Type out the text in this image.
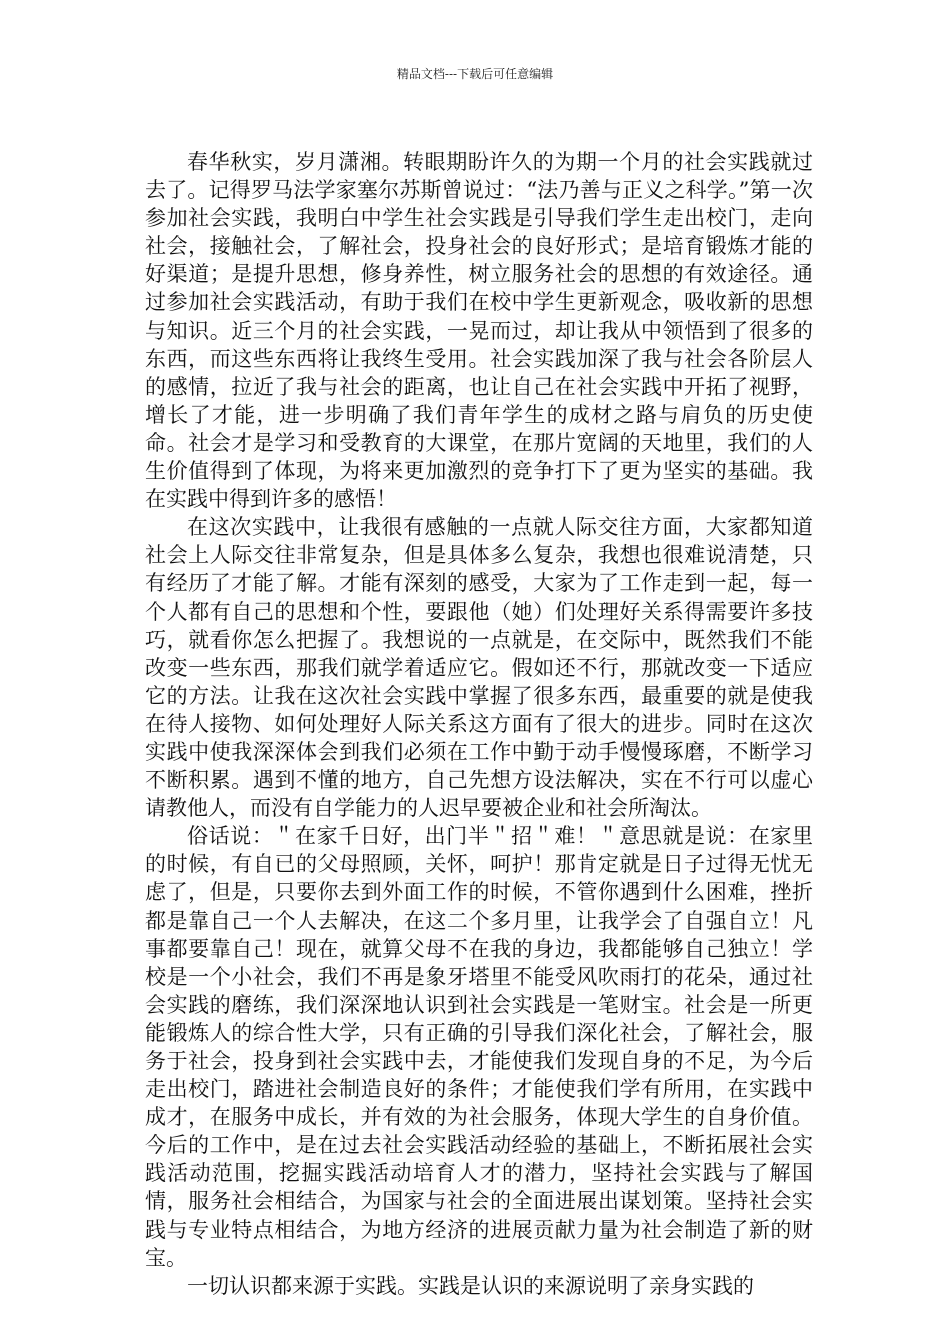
精品文档---下载后可任意编辑

春华秋实，岁月潇湘。转眼期盼许久的为期一个月的社会实践就过去了。记得罗马法学家塞尔苏斯曾说过：“法乃善与正义之科学。”第一次参加社会实践，我明白中学生社会实践是引导我们学生走出校门，走向社会，接触社会，了解社会，投身社会的良好形式；是培育锻炼才能的好渠道；是提升思想，修身养性，树立服务社会的思想的有效途径。通过参加社会实践活动，有助于我们在校中学生更新观念，吸收新的思想与知识。近三个月的社会实践，一晃而过，却让我从中领悟到了很多的东西，而这些东西将让我终生受用。社会实践加深了我与社会各阶层人的感情，拉近了我与社会的距离，也让自己在社会实践中开拓了视野，增长了才能，进一步明确了我们青年学生的成材之路与肩负的历史使命。社会才是学习和受教育的大课堂，在那片宽阔的天地里，我们的人生价值得到了体现，为将来更加激烈的竞争打下了更为坚实的基础。我在实践中得到许多的感悟！

在这次实践中，让我很有感触的一点就人际交往方面，大家都知道社会上人际交往非常复杂，但是具体多么复杂，我想也很难说清楚，只有经历了才能了解。才能有深刻的感受，大家为了工作走到一起，每一个人都有自己的思想和个性，要跟他（她）们处理好关系得需要许多技巧，就看你怎么把握了。我想说的一点就是，在交际中，既然我们不能改变一些东西，那我们就学着适应它。假如还不行，那就改变一下适应它的方法。让我在这次社会实践中掌握了很多东西，最重要的就是使我在待人接物、如何处理好人际关系这方面有了很大的进步。同时在这次实践中使我深深体会到我们必须在工作中勤于动手慢慢琢磨，不断学习不断积累。遇到不懂的地方，自己先想方设法解决，实在不行可以虚心请教他人，而没有自学能力的人迟早要被企业和社会所淘汰。

俗话说：＂在家千日好，出门半＂招＂难！＂意思就是说：在家里的时候，有自已的父母照顾，关怀，呵护！那肯定就是日子过得无忧无虑了，但是，只要你去到外面工作的时候，不管你遇到什么困难，挫折都是靠自己一个人去解决，在这二个多月里，让我学会了自强自立！凡事都要靠自己！现在，就算父母不在我的身边，我都能够自己独立！学校是一个小社会，我们不再是象牙塔里不能受风吹雨打的花朵，通过社会实践的磨练，我们深深地认识到社会实践是一笔财宝。社会是一所更能锻炼人的综合性大学，只有正确的引导我们深化社会，了解社会，服务于社会，投身到社会实践中去，才能使我们发现自身的不足，为今后走出校门，踏进社会制造良好的条件；才能使我们学有所用，在实践中成才，在服务中成长，并有效的为社会服务，体现大学生的自身价值。今后的工作中，是在过去社会实践活动经验的基础上，不断拓展社会实践活动范围，挖掘实践活动培育人才的潜力，坚持社会实践与了解国情，服务社会相结合，为国家与社会的全面进展出谋划策。坚持社会实践与专业特点相结合，为地方经济的进展贡献力量为社会制造了新的财宝。

一切认识都来源于实践。实践是认识的来源说明了亲身实践的
